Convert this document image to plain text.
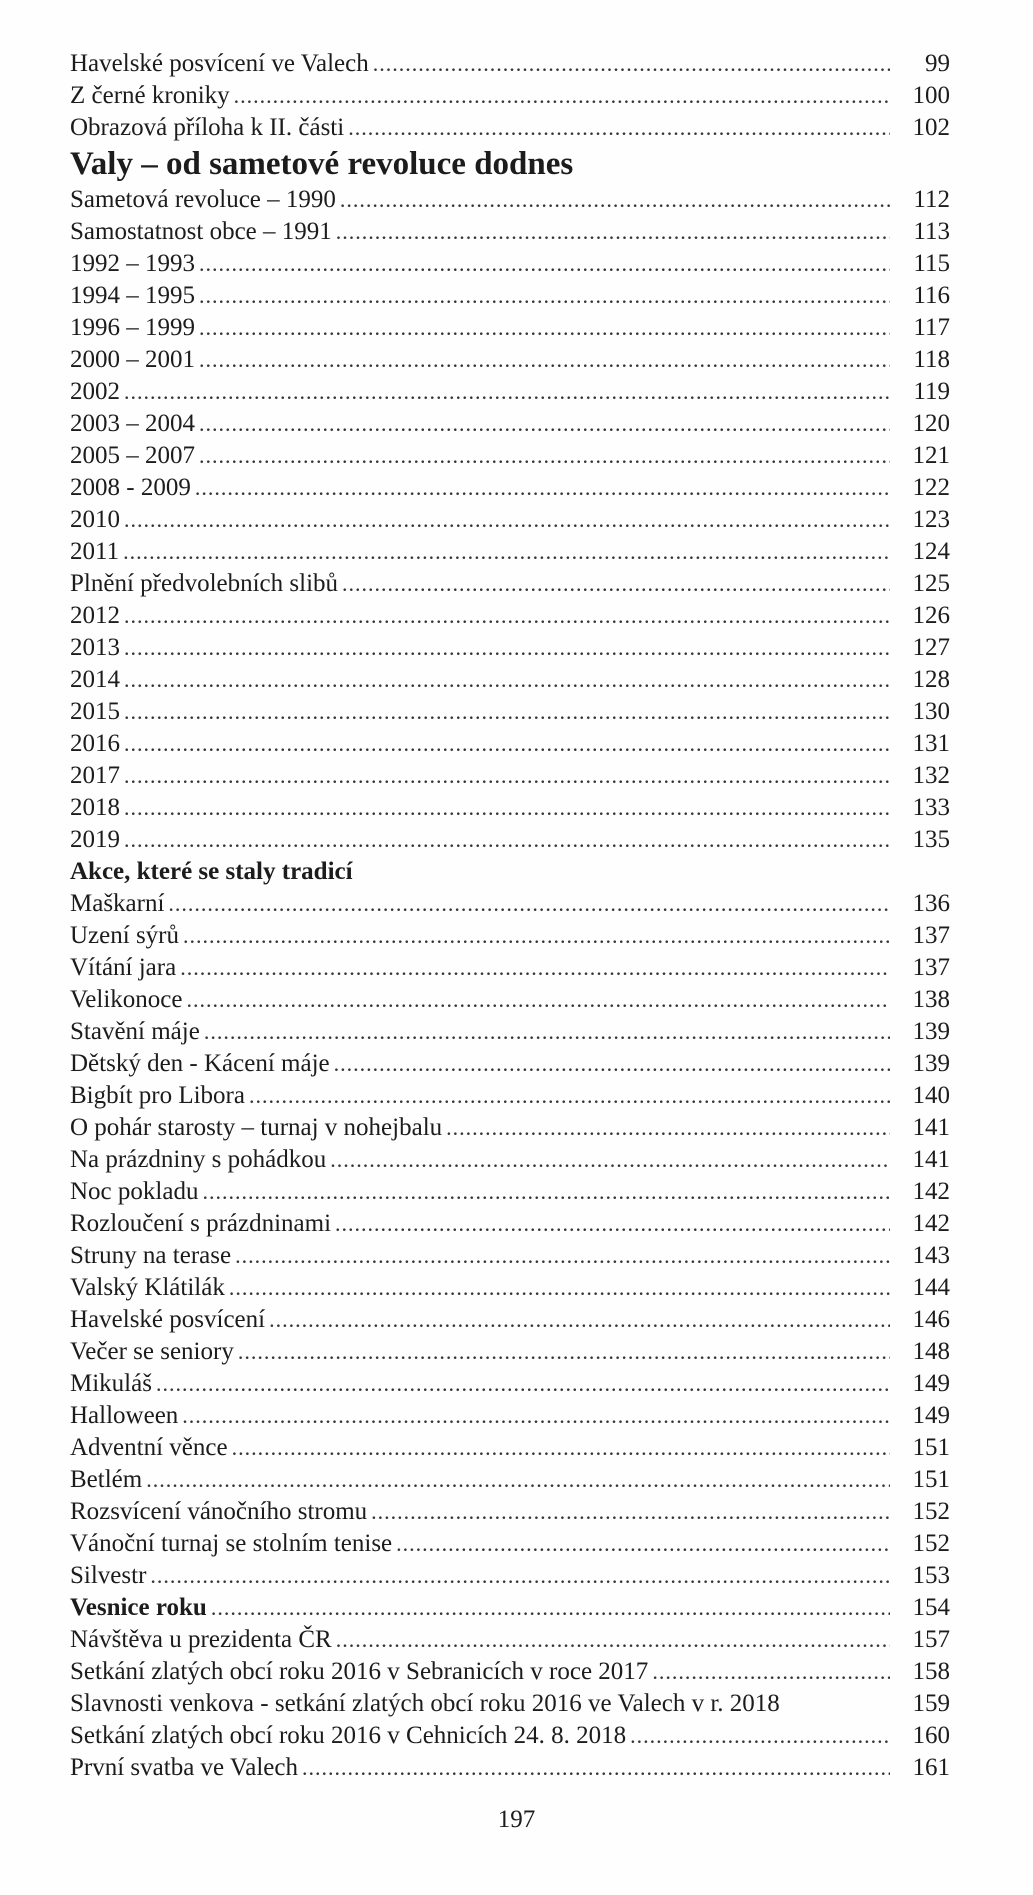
Havelské posvícení ve Valech .....	99
Z černé kroniky .....	100
Obrazová příloha k II. části .....	102
Valy – od sametové revoluce dodnes
Sametová revoluce – 1990 .....	112
Samostatnost obce – 1991 .....	113
1992 – 1993 .....	115
1994 – 1995 .....	116
1996 – 1999 .....	117
2000 – 2001 .....	118
2002 .....	119
2003 – 2004 .....	120
2005 – 2007 .....	121
2008 - 2009 .....	122
2010 .....	123
2011 .....	124
Plnění předvolebních slibů .....	125
2012 .....	126
2013 .....	127
2014 .....	128
2015 .....	130
2016 .....	131
2017 .....	132
2018 .....	133
2019 .....	135
Akce, které se staly tradicí
Maškarní .....	136
Uzení sýrů .....	137
Vítání jara .....	137
Velikonoce .....	138
Stavění máje .....	139
Dětský den - Kácení máje .....	139
Bigbít pro Libora .....	140
O pohár starosty – turnaj v nohejbalu .....	141
Na prázdniny s pohádkou .....	141
Noc pokladu .....	142
Rozloučení s prázdninami .....	142
Struny na terase .....	143
Valský Klátilák .....	144
Havelské posvícení .....	146
Večer se seniory .....	148
Mikuláš .....	149
Halloween .....	149
Adventní věnce .....	151
Betlém .....	151
Rozsvícení vánočního stromu .....	152
Vánoční turnaj se stolním tenise .....	152
Silvestr .....	153
Vesnice roku .....	154
Návštěva u prezidenta ČR .....	157
Setkání zlatých obcí roku 2016 v Sebranicích v roce 2017 .....	158
Slavnosti venkova - setkání zlatých obcí roku 2016 ve Valech v r. 2018	159
Setkání zlatých obcí roku 2016 v Cehnicích 24. 8. 2018 .....	160
První svatba ve Valech .....	161
197
